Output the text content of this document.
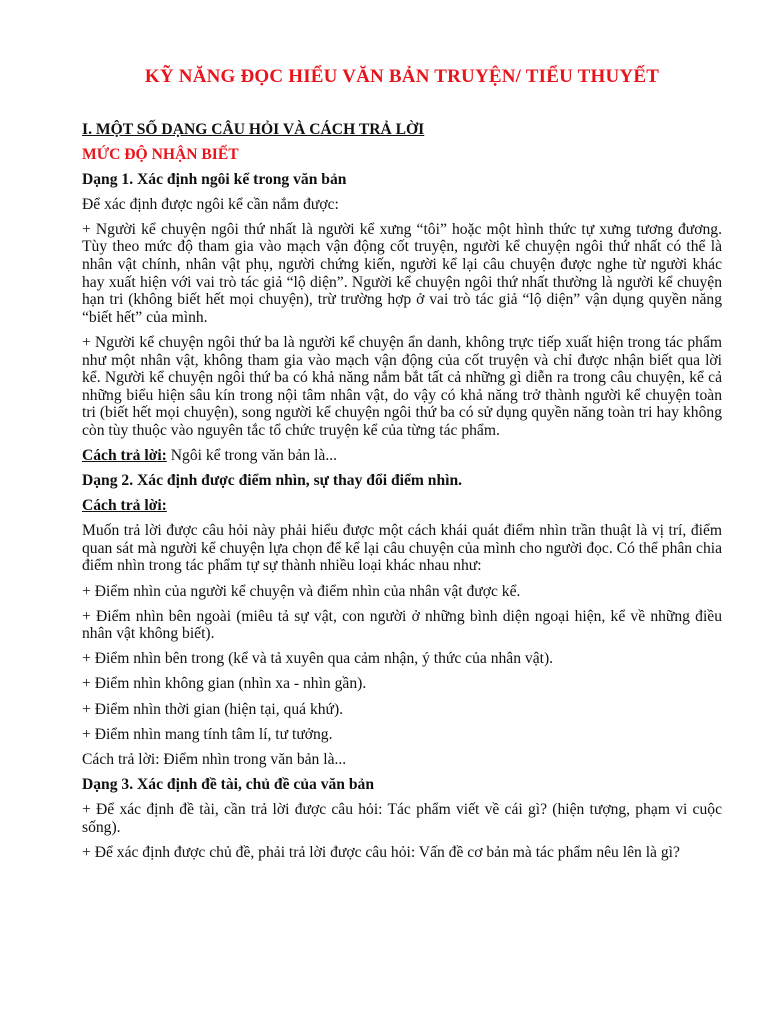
KỸ NĂNG ĐỌC HIỂU VĂN BẢN TRUYỆN/ TIỂU THUYẾT

I. MỘT SỐ DẠNG CÂU HỎI VÀ CÁCH TRẢ LỜI

MỨC ĐỘ NHẬN BIẾT

Dạng 1. Xác định ngôi kể trong văn bản

Để xác định được ngôi kể cần nắm được:

+ Người kể chuyện ngôi thứ nhất là người kể xưng “tôi” hoặc một hình thức tự xưng tương đương. Tùy theo mức độ tham gia vào mạch vận động cốt truyện, người kể chuyện ngôi thứ nhất có thể là nhân vật chính, nhân vật phụ, người chứng kiến, người kể lại câu chuyện được nghe từ người khác hay xuất hiện với vai trò tác giả “lộ diện”. Người kể chuyện ngôi thứ nhất thường là người kể chuyện hạn tri (không biết hết mọi chuyện), trừ trường hợp ở vai trò tác giả “lộ diện” vận dụng quyền năng “biết hết” của mình.

+ Người kể chuyện ngôi thứ ba là người kể chuyện ẩn danh, không trực tiếp xuất hiện trong tác phẩm như một nhân vật, không tham gia vào mạch vận động của cốt truyện và chỉ được nhận biết qua lời kể. Người kể chuyện ngôi thứ ba có khả năng nắm bắt tất cả những gì diễn ra trong câu chuyện, kể cả những biểu hiện sâu kín trong nội tâm nhân vật, do vậy có khả năng trở thành người kể chuyện toàn tri (biết hết mọi chuyện), song người kể chuyện ngôi thứ ba có sử dụng quyền năng toàn tri hay không còn tùy thuộc vào nguyên tắc tổ chức truyện kể của từng tác phẩm.

Cách trả lời: Ngôi kể trong văn bản là...

Dạng 2. Xác định được điểm nhìn, sự thay đổi điểm nhìn.

Cách trả lời:

Muốn trả lời được câu hỏi này phải hiểu được một cách khái quát điểm nhìn trần thuật là vị trí, điểm quan sát mà người kể chuyện lựa chọn để kể lại câu chuyện của mình cho người đọc. Có thể phân chia điểm nhìn trong tác phẩm tự sự thành nhiều loại khác nhau như:

+ Điểm nhìn của người kể chuyện và điểm nhìn của nhân vật được kể.

+ Điểm nhìn bên ngoài (miêu tả sự vật, con người ở những bình diện ngoại hiện, kể về những điều nhân vật không biết).

+ Điểm nhìn bên trong (kể và tả xuyên qua cảm nhận, ý thức của nhân vật).

+ Điểm nhìn không gian (nhìn xa - nhìn gần).

+ Điểm nhìn thời gian (hiện tại, quá khứ).

+ Điểm nhìn mang tính tâm lí, tư tưởng.

Cách trả lời: Điểm nhìn trong văn bản là...

Dạng 3. Xác định đề tài, chủ đề của văn bản

+ Để xác định đề tài, cần trả lời được câu hỏi: Tác phẩm viết về cái gì? (hiện tượng, phạm vi cuộc sống).

+ Để xác định được chủ đề, phải trả lời được câu hỏi: Vấn đề cơ bản mà tác phẩm nêu lên là gì?
